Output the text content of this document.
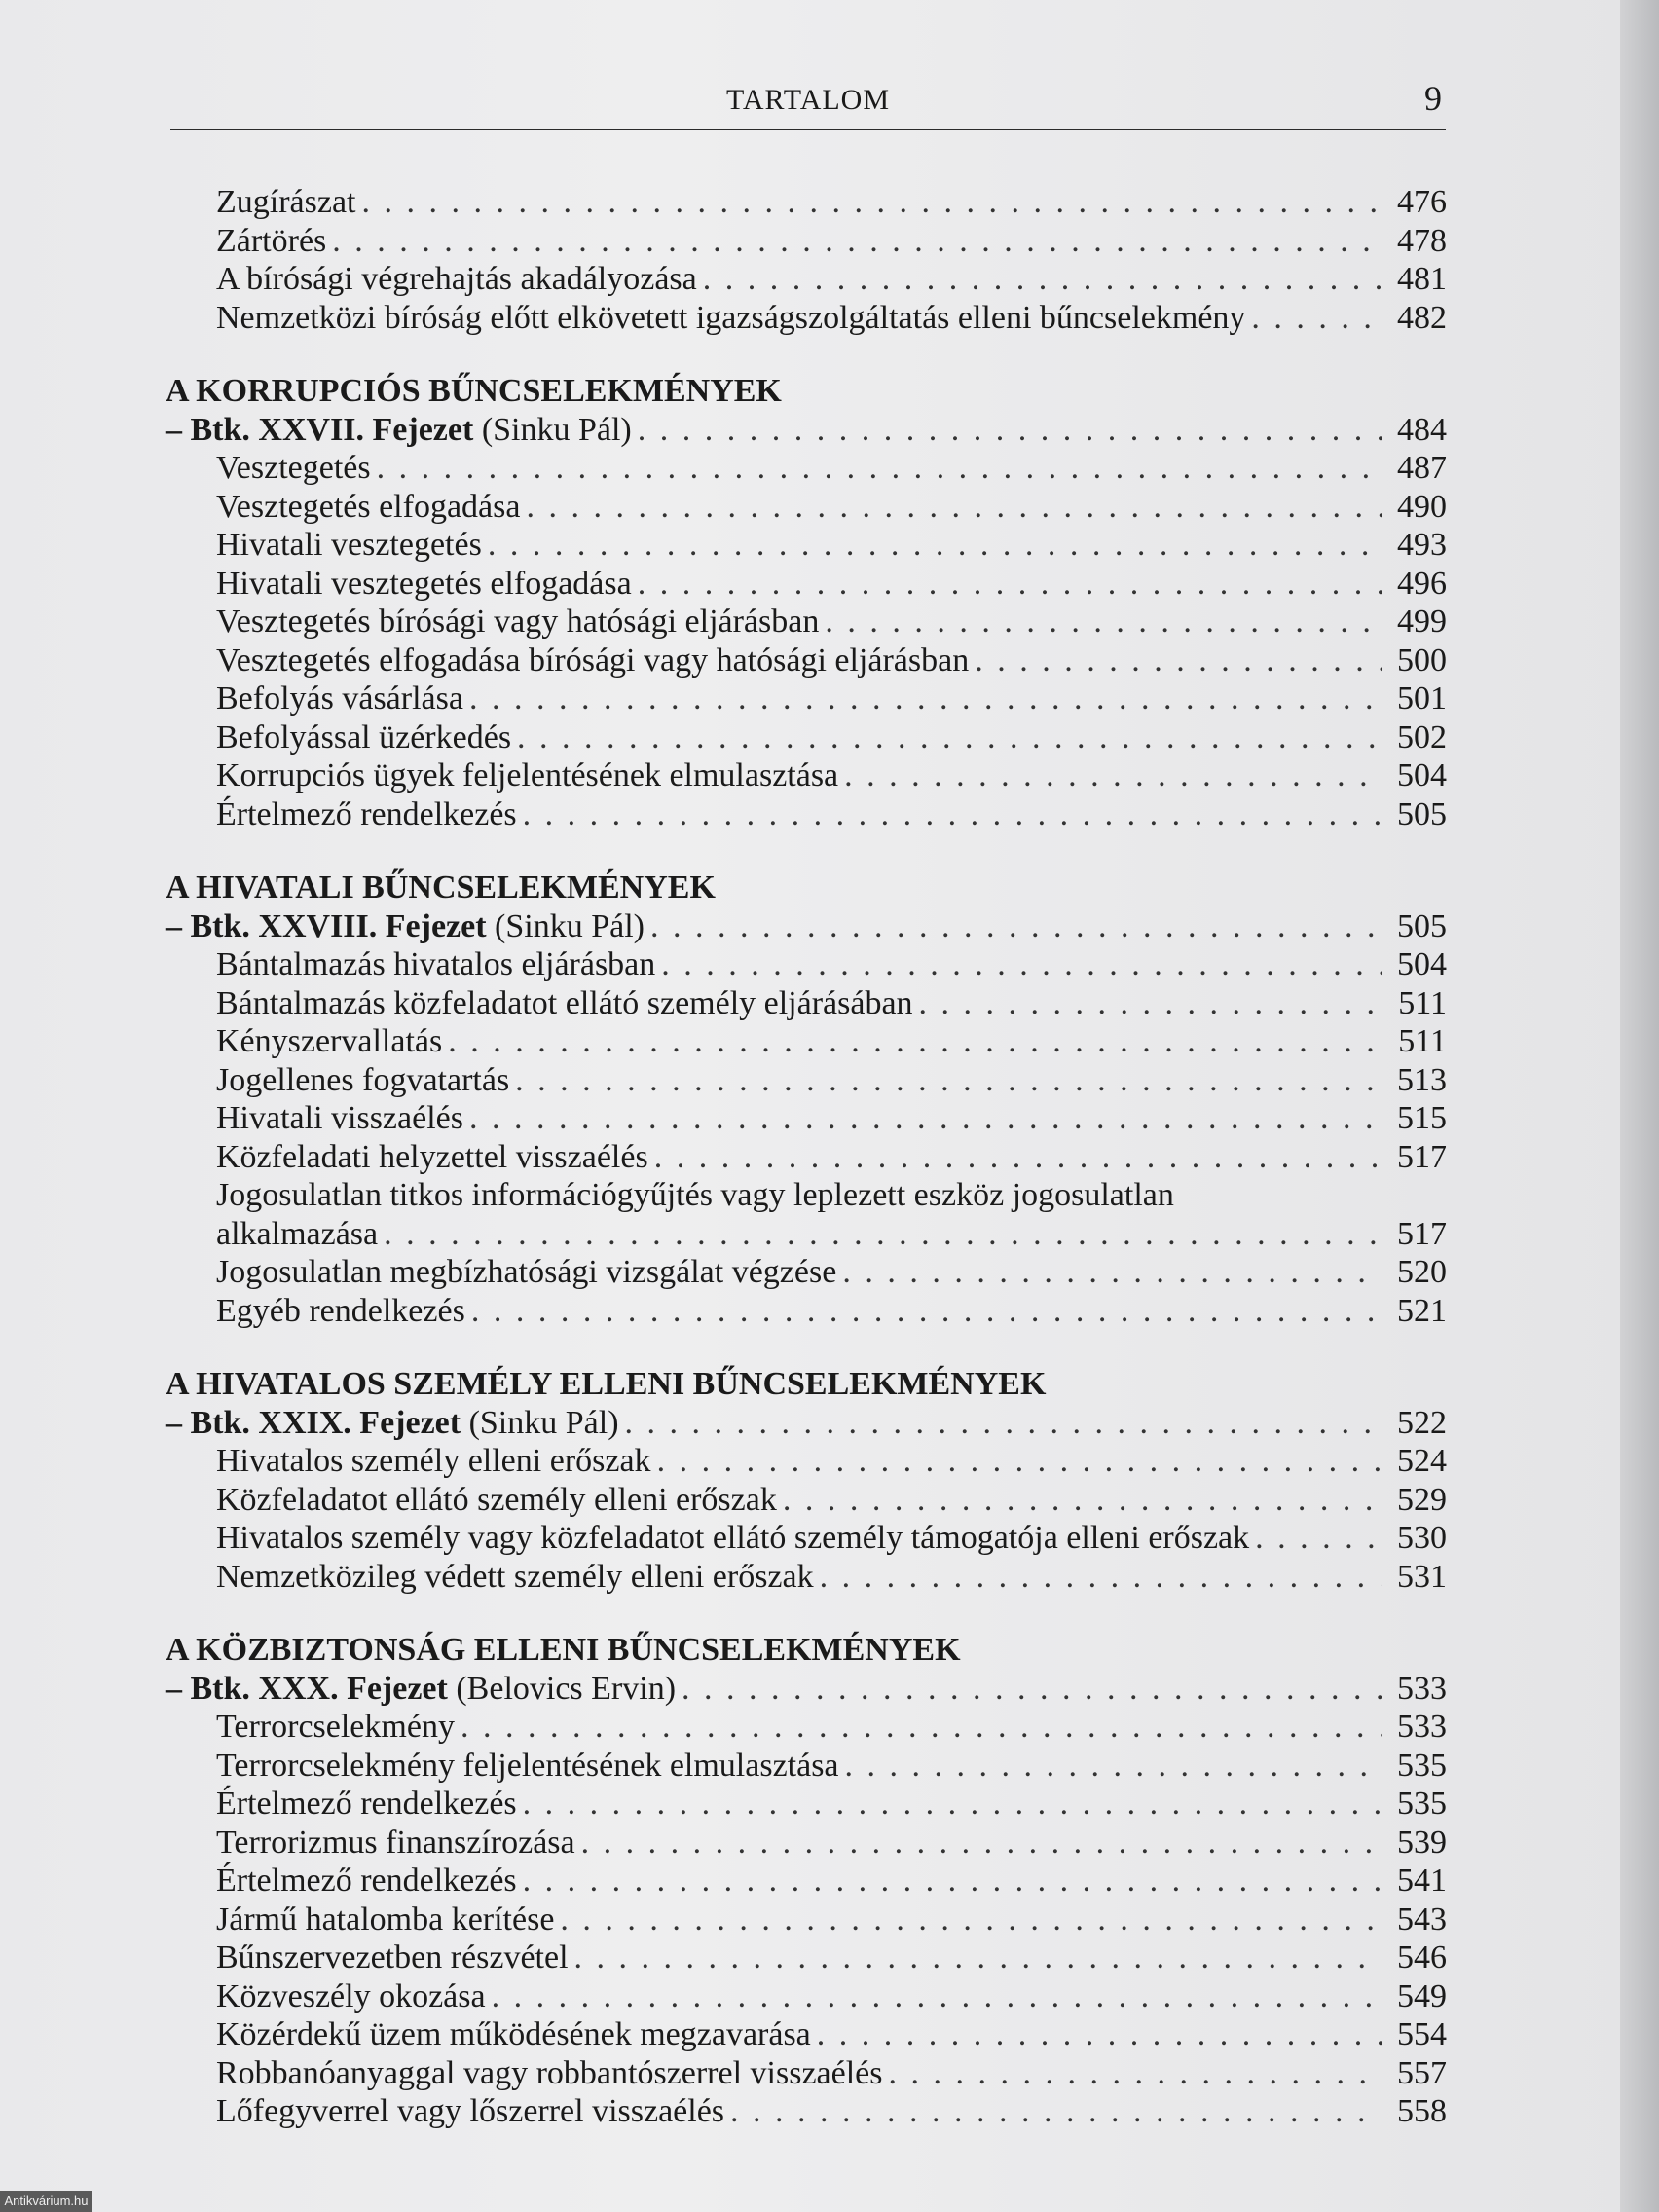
TARTALOM	9
Zugírászat . . .	476
Zártörés . . .	478
A bírósági végrehajtás akadályozása . . .	481
Nemzetközi bíróság előtt elkövetett igazságszolgáltatás elleni bűncselekmény . . .	482
A KORRUPCIÓS BŰNCSELEKMÉNYEK
– Btk. XXVII. Fejezet (Sinku Pál) . . .	484
Vesztegetés . . .	487
Vesztegetés elfogadása . . .	490
Hivatali vesztegetés . . .	493
Hivatali vesztegetés elfogadása . . .	496
Vesztegetés bírósági vagy hatósági eljárásban . . .	499
Vesztegetés elfogadása bírósági vagy hatósági eljárásban . . .	500
Befolyás vásárlása . . .	501
Befolyással üzérkedés . . .	502
Korrupciós ügyek feljelentésének elmulasztása . . .	504
Értelmező rendelkezés . . .	505
A HIVATALI BŰNCSELEKMÉNYEK
– Btk. XXVIII. Fejezet (Sinku Pál) . . .	505
Bántalmazás hivatalos eljárásban . . .	504
Bántalmazás közfeladatot ellátó személy eljárásában . . .	511
Kényszervallatás . . .	511
Jogellenes fogvatartás . . .	513
Hivatali visszaélés . . .	515
Közfeladati helyzettel visszaélés . . .	517
Jogosulatlan titkos információgyűjtés vagy leplezett eszköz jogosulatlan
alkalmazása . . .	517
Jogosulatlan megbízhatósági vizsgálat végzése . . .	520
Egyéb rendelkezés . . .	521
A HIVATALOS SZEMÉLY ELLENI BŰNCSELEKMÉNYEK
– Btk. XXIX. Fejezet (Sinku Pál) . . .	522
Hivatalos személy elleni erőszak . . .	524
Közfeladatot ellátó személy elleni erőszak . . .	529
Hivatalos személy vagy közfeladatot ellátó személy támogatója elleni erőszak . . .	530
Nemzetközileg védett személy elleni erőszak . . .	531
A KÖZBIZTONSÁG ELLENI BŰNCSELEKMÉNYEK
– Btk. XXX. Fejezet (Belovics Ervin) . . .	533
Terrorcselekmény . . .	533
Terrorcselekmény feljelentésének elmulasztása . . .	535
Értelmező rendelkezés . . .	535
Terrorizmus finanszírozása . . .	539
Értelmező rendelkezés . . .	541
Jármű hatalomba kerítése . . .	543
Bűnszervezetben részvétel . . .	546
Közveszély okozása . . .	549
Közérdekű üzem működésének megzavarása . . .	554
Robbanóanyaggal vagy robbantószerrel visszaélés . . .	557
Lőfegyverrel vagy lőszerrel visszaélés . . .	558
Antikvárium.hu
